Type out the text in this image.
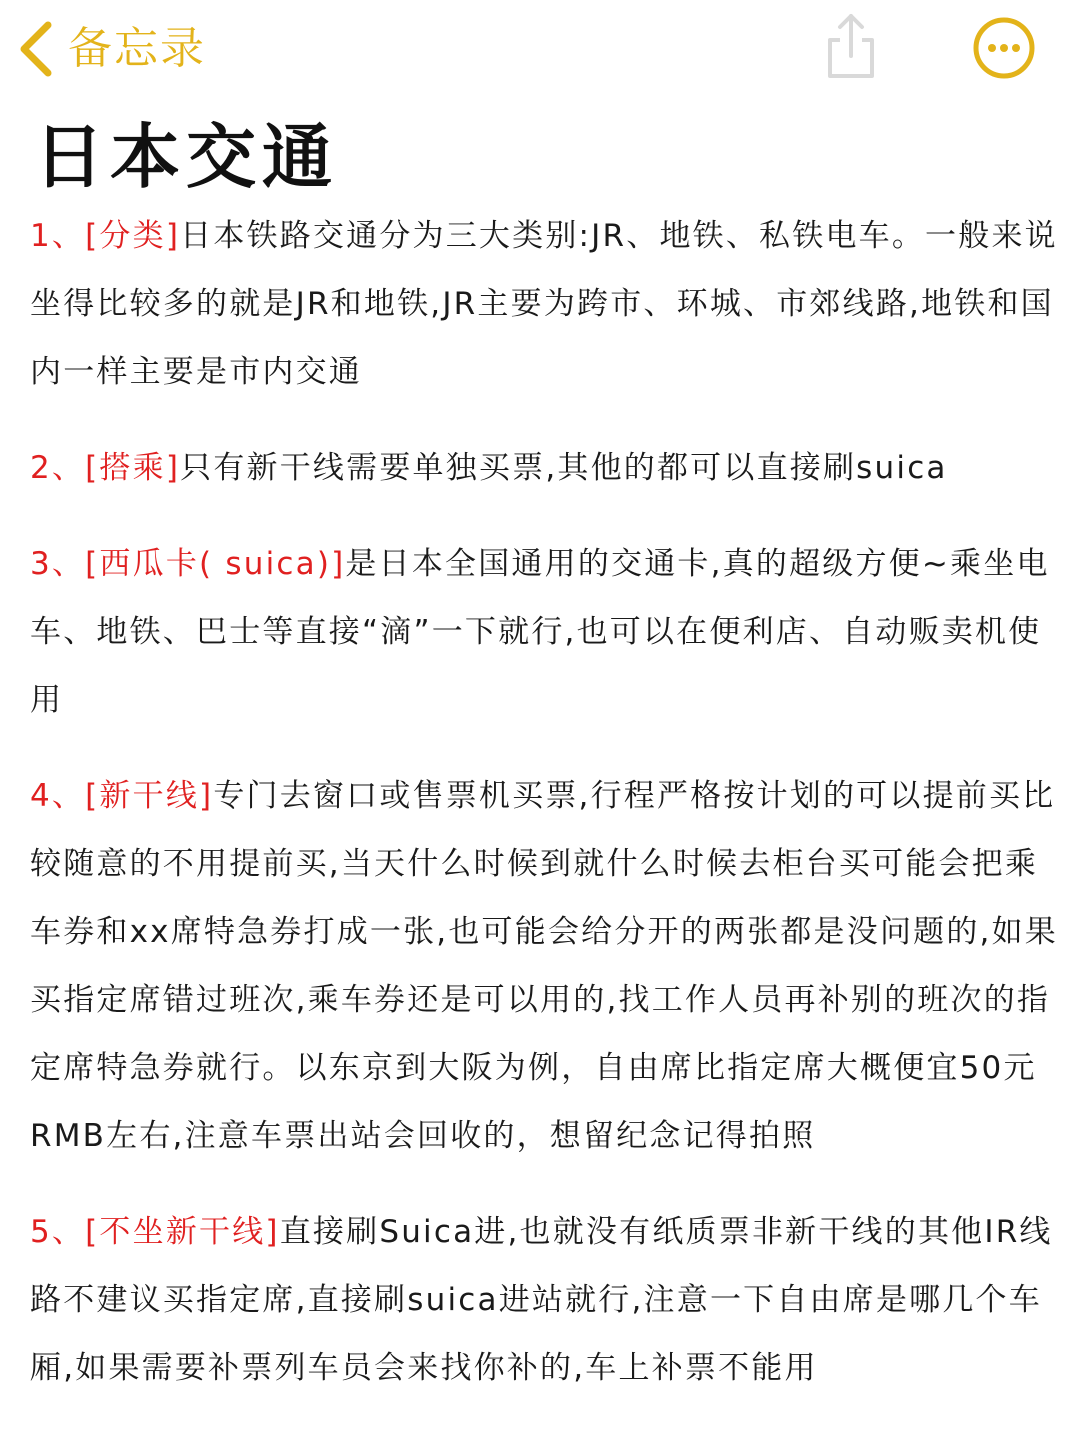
备忘录
日本交通

1、[分类]日本铁路交通分为三大类别:JR、地铁、私铁电车。一般来说坐得比较多的就是JR和地铁,JR主要为跨市、环城、市郊线路,地铁和国内一样主要是市内交通

2、[搭乘]只有新干线需要单独买票,其他的都可以直接刷suica

3、[西瓜卡( suica)]是日本全国通用的交通卡,真的超级方便~乘坐电车、地铁、巴士等直接“滴”一下就行,也可以在便利店、自动贩卖机使用

4、[新干线]专门去窗口或售票机买票,行程严格按计划的可以提前买比较随意的不用提前买,当天什么时候到就什么时候去柜台买可能会把乘车券和xx席特急券打成一张,也可能会给分开的两张都是没问题的,如果买指定席错过班次,乘车券还是可以用的,找工作人员再补别的班次的指定席特急券就行。以东京到大阪为例，自由席比指定席大概便宜50元RMB左右,注意车票出站会回收的，想留纪念记得拍照

5、[不坐新干线]直接刷Suica进,也就没有纸质票非新干线的其他IR线路不建议买指定席,直接刷suica进站就行,注意一下自由席是哪几个车厢,如果需要补票列车员会来找你补的,车上补票不能用
